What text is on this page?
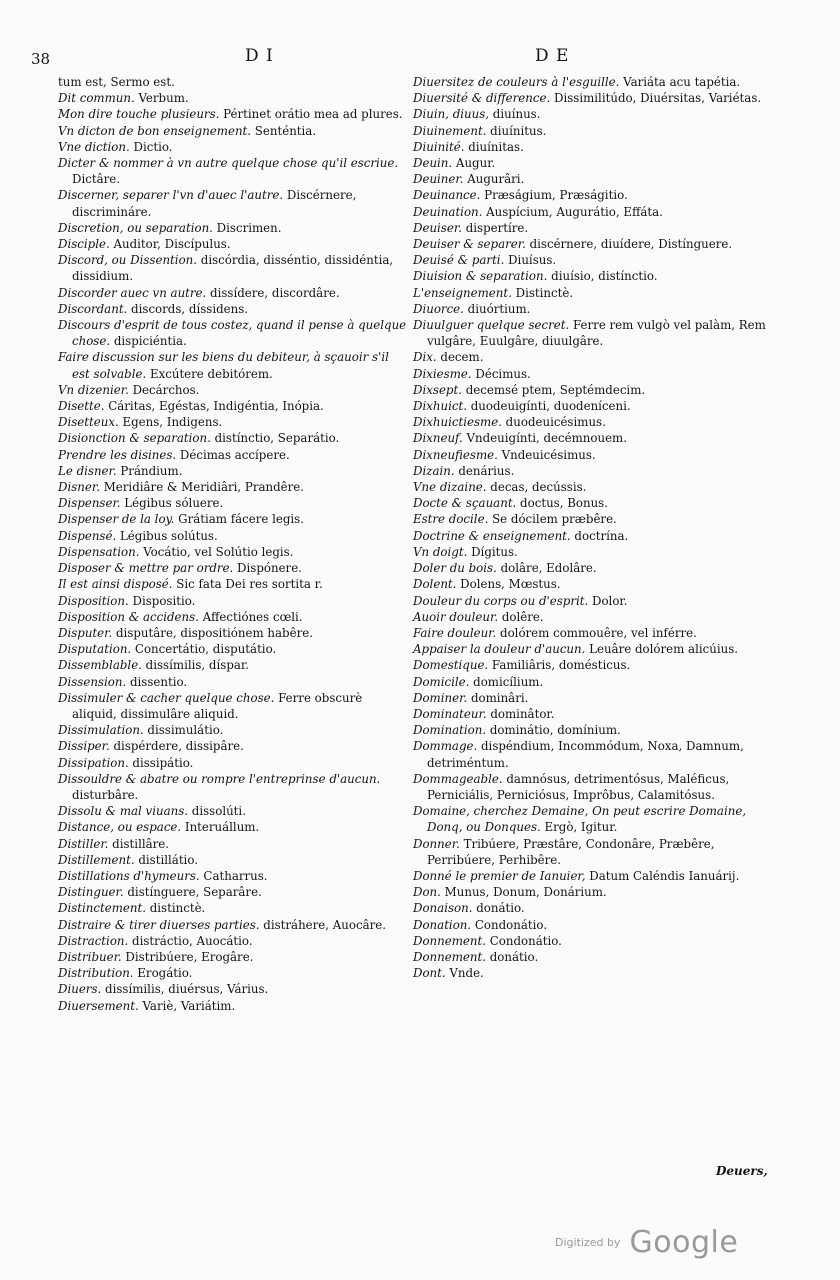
38	D I	D E
tum est, Sermo est.
Dit commun. Verbum.
Mon dire touche plusieurs. Pértinet orátio mea ad plures.
Vn dicton de bon enseignement. Senténtia.
Vne diction. Dictio.
Dicter & nommer à vn autre quelque chose qu'il escriue. Dictâre.
Discerner, separer l'vn d'auec l'autre. Discérnere, discrimináre.
Discretion, ou separation. Discrimen.
Disciple. Auditor, Discípulus.
Discord, ou Dissention. discórdia, disséntio, dissidéntia, dissidium.
Discorder auec vn autre. dissídere, discordâre.
Discordant. discords, díssidens.
Discours d'esprit de tous costez, quand il pense à quelque chose. dispiciéntia.
Faire discussion sur les biens du debiteur, à sçauoir s'il est solvable. Excútere debitórem.
Vn dizenier. Decárchos.
Disette. Cáritas, Egéstas, Indigéntia, Inópia.
Disetteux. Egens, Indigens.
Disionction & separation. distínctio, Separátio.
Prendre les disines. Décimas accípere.
Le disner. Prándium.
Disner. Meridiâre & Meridiâri, Prandêre.
Dispenser. Légibus sóluere.
Dispenser de la loy. Grátiam fácere legis.
Dispensé. Légibus solútus.
Dispensation. Vocátio, vel Solútio legis.
Disposer & mettre par ordre. Dispónere.
Il est ainsi disposé. Sic fata Dei res sortita r.
Disposition. Dispositio.
Disposition & accidens. Affectiónes cœli.
Disputer. disputâre, dispositiónem habêre.
Disputation. Concertátio, disputátio.
Dissemblable. dissímilis, díspar.
Dissension. dissentio.
Dissimuler & cacher quelque chose. Ferre obscurè aliquid, dissimulâre aliquid.
Dissimulation. dissimulátio.
Dissiper. dispérdere, dissipâre.
Dissipation. dissipátio.
Dissouldre & abatre ou rompre l'entreprinse d'aucun. disturbâre.
Dissolu & mal viuans. dissolúti.
Distance, ou espace. Interuállum.
Distiller. distillâre.
Distillement. distillátio.
Distillations d'hymeurs. Catharrus.
Distinguer. distínguere, Separâre.
Distinctement. distinctè.
Distraire & tirer diuerses parties. distráhere, Auocâre.
Distraction. distráctio, Auocátio.
Distribuer. Distribúere, Erogâre.
Distribution. Erogátio.
Diuers. dissímilis, diuérsus, Várius.
Diuersement. Variè, Variátim.
Diuersitez de couleurs à l'esguille. Variáta acu tapétia.
Diuersité & difference. Dissimilitúdo, Diuérsitas, Variétas.
Diuin, diuus, diuínus.
Diuinement. diuínitus.
Diuinité. diuínitas.
Deuin. Augur.
Deuiner. Augurâri.
Deuinance. Præságium, Præságitio.
Deuination. Auspícium, Augurátio, Effáta.
Deuiser. dispertíre.
Deuiser & separer. discérnere, diuídere, Distínguere.
Deuisé & parti. Diuísus.
Diuision & separation. diuísio, distínctio.
L'enseignement. Distinctè.
Diuorce. diuórtium.
Diuulguer quelque secret. Ferre rem vulgò vel palàm, Rem vulgâre, Euulgâre, diuulgâre.
Dix. decem.
Dixiesme. Décimus.
Dixsept. decemsé ptem, Septémdecim.
Dixhuict. duodeuigínti, duodeníceni.
Dixhuictiesme. duodeuicésimus.
Dixneuf. Vndeuigínti, decémnouem.
Dixneufiesme. Vndeuicésimus.
Dizain. denárius.
Vne dizaine. decas, decússis.
Docte & sçauant. doctus, Bonus.
Estre docile. Se dócilem præbêre.
Doctrine & enseignement. doctrína.
Vn doigt. Dígitus.
Doler du bois. dolâre, Edolâre.
Dolent. Dolens, Mœstus.
Douleur du corps ou d'esprit. Dolor.
Auoir douleur. dolêre.
Faire douleur. dolórem commouêre, vel inférre.
Appaiser la douleur d'aucun. Leuâre dolórem alicúius.
Domestique. Familiâris, domésticus.
Domicile. domicílium.
Dominer. dominâri.
Dominateur. dominâtor.
Domination. dominátio, domínium.
Dommage. dispéndium, Incommódum, Noxa, Damnum, detriméntum.
Dommageable. damnósus, detrimentósus, Maléficus, Perniciális, Perniciósus, Imprôbus, Calamitósus.
Domaine, cherchez Demaine, On peut escrire Domaine, Donq, ou Donques. Ergò, Igitur.
Donner. Tribúere, Præstâre, Condonâre, Præbêre, Perribúere, Perhibêre.
Donné le premier de Ianuier, Datum Caléndis Ianuárij.
Don. Munus, Donum, Donárium.
Donaison. donátio.
Donation. Condonátio.
Donnement. Condonátio.
Donnement. donátio.
Dont. Vnde.
Deuers,
Digitized by Google
